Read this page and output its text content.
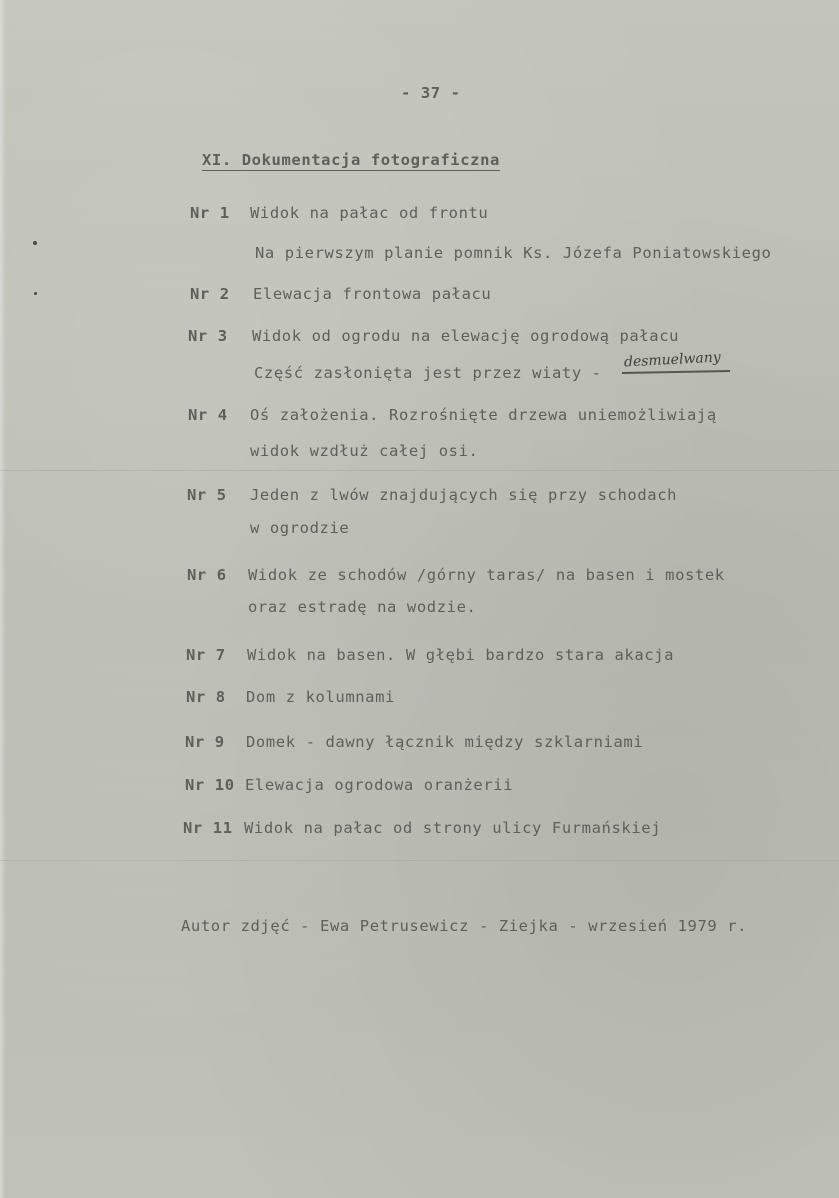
- 37 -
XI. Dokumentacja fotograficzna
Nr 1 Widok na pałac od frontu
Na pierwszym planie pomnik Ks. Józefa Poniatowskiego
Nr 2 Elewacja frontowa pałacu
Nr 3 Widok od ogrodu na elewację ogrodową pałacu
Część zasłonięta jest przez wiaty -
desmuelwany
Nr 4 Oś założenia. Rozrośnięte drzewa uniemożliwiają
widok wzdłuż całej osi.
Nr 5 Jeden z lwów znajdujących się przy schodach
w ogrodzie
Nr 6 Widok ze schodów /górny taras/ na basen i mostek
oraz estradę na wodzie.
Nr 7 Widok na basen. W głębi bardzo stara akacja
Nr 8 Dom z kolumnami
Nr 9 Domek - dawny łącznik między szklarniami
Nr 10 Elewacja ogrodowa oranżerii
Nr 11 Widok na pałac od strony ulicy Furmańskiej
Autor zdjęć - Ewa Petrusewicz - Ziejka - wrzesień 1979 r.
